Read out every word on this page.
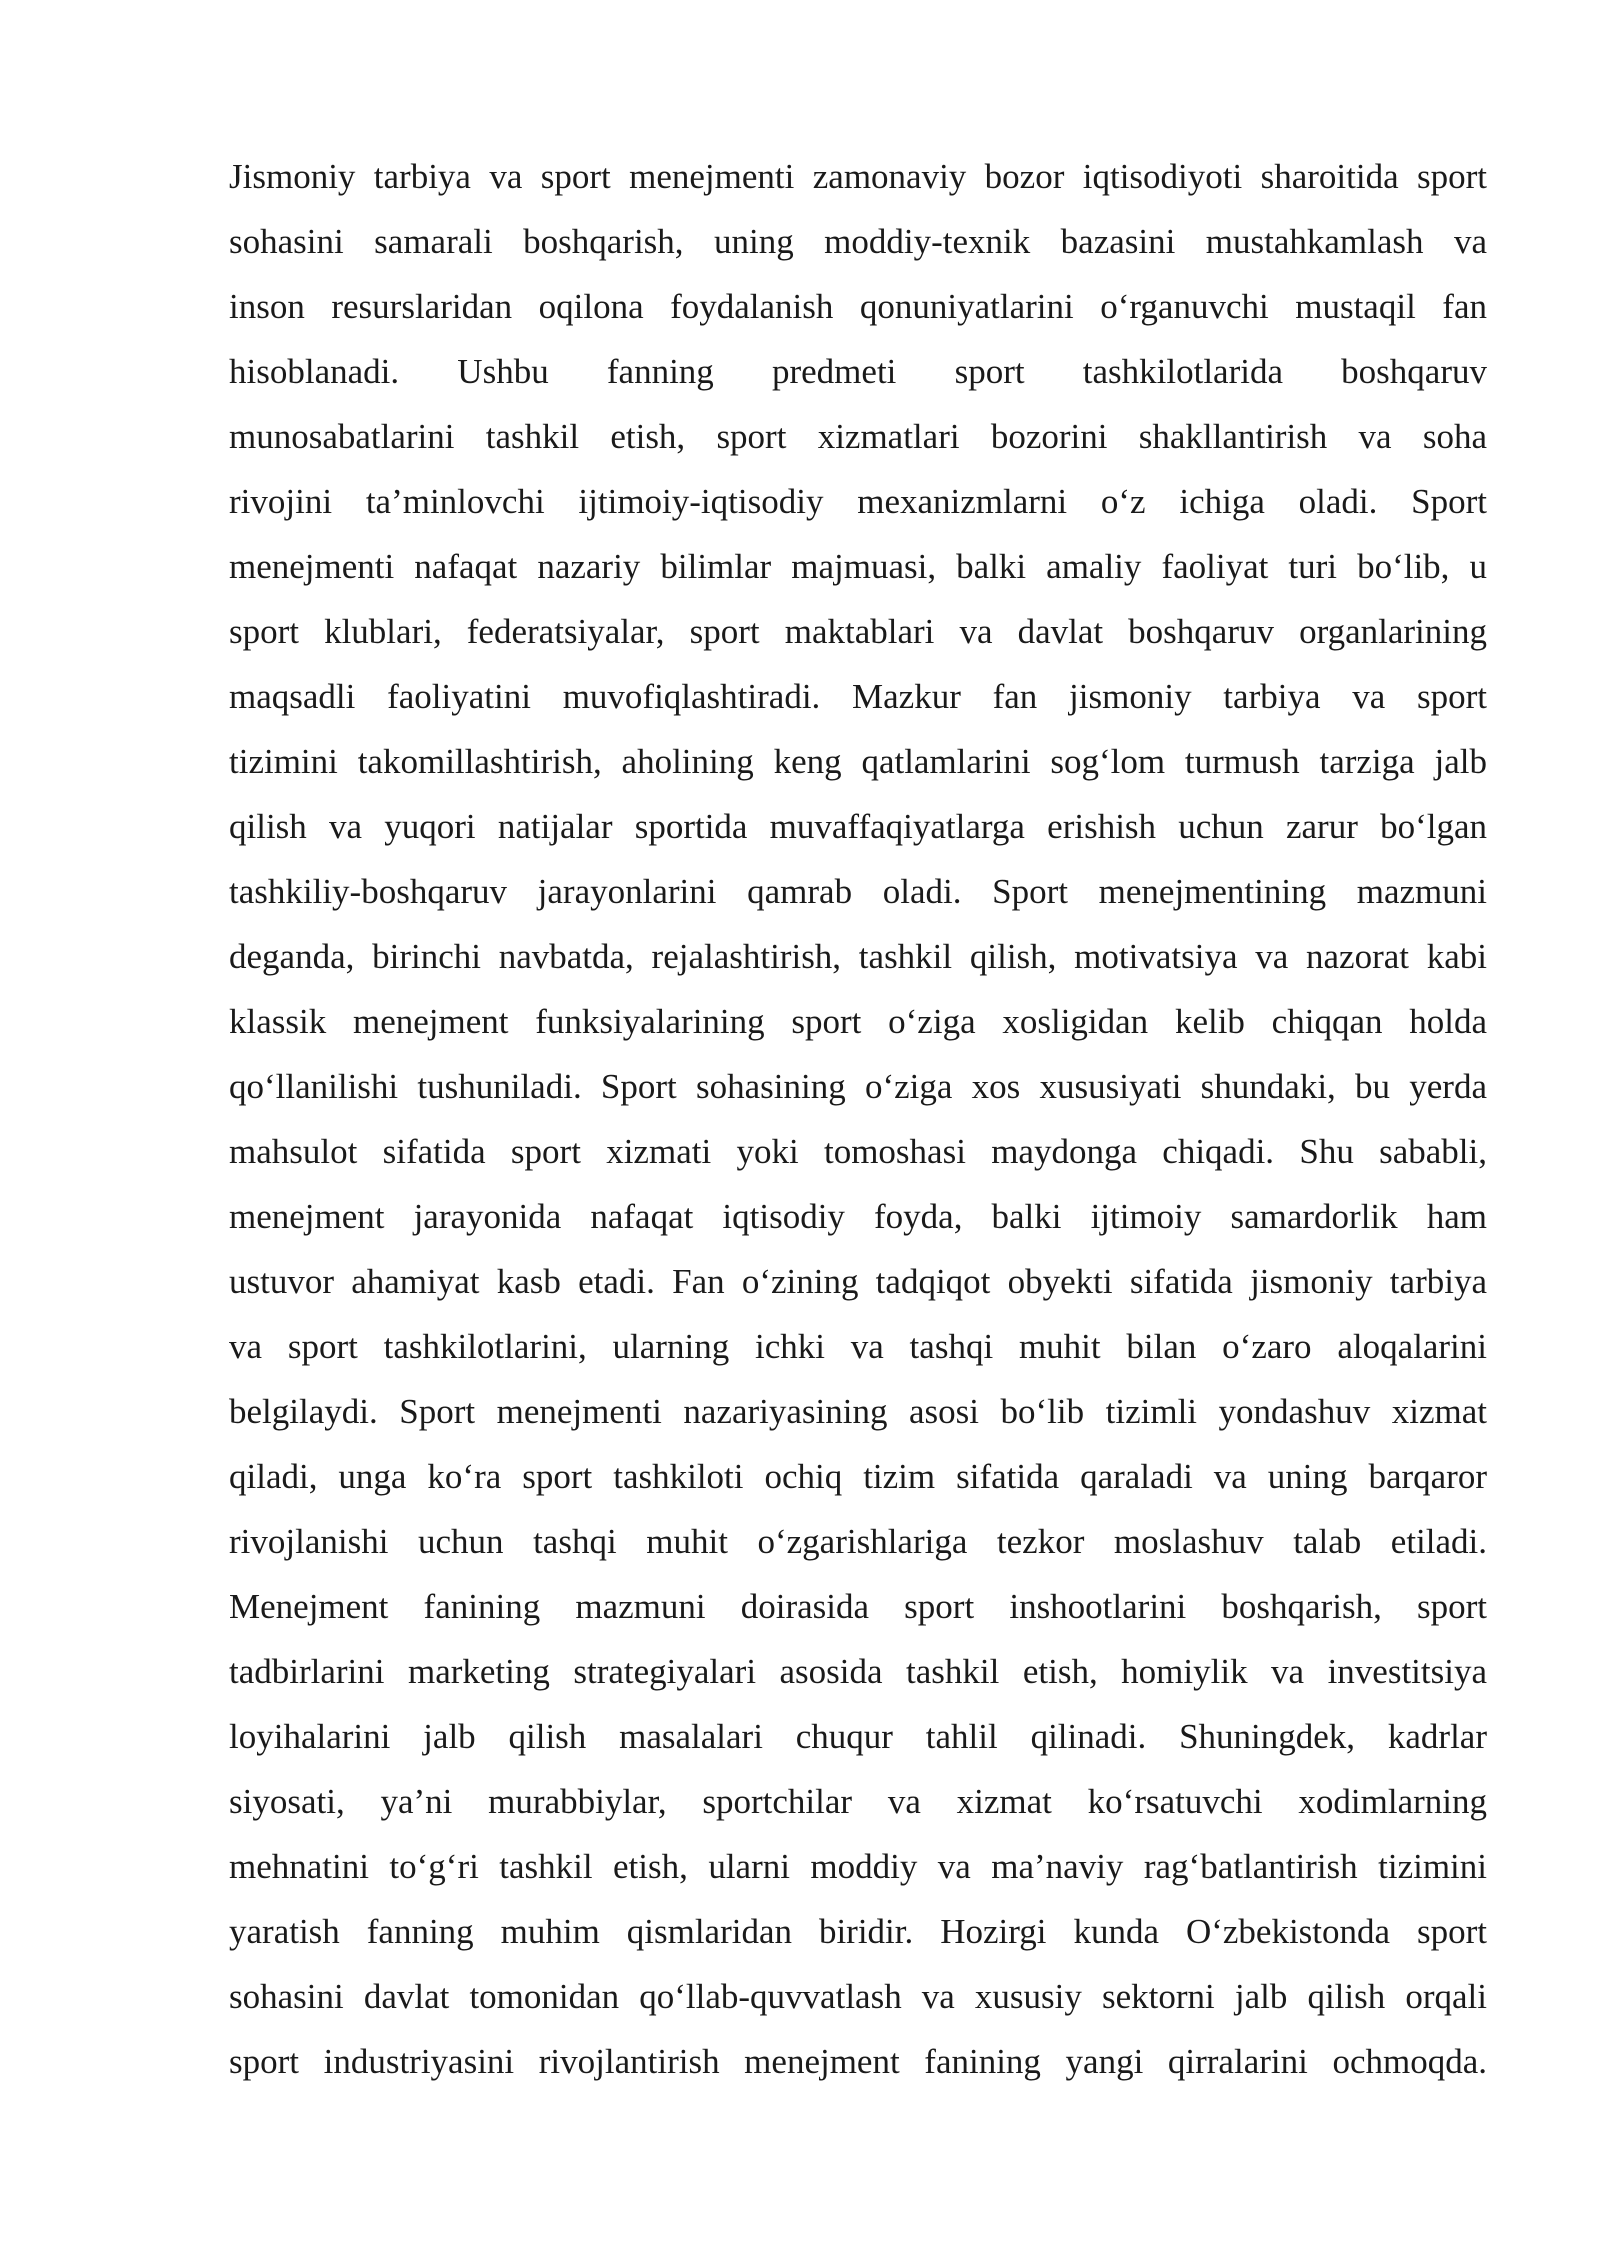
Jismoniy tarbiya va sport menejmenti zamonaviy bozor iqtisodiyoti sharoitida sport
sohasini samarali boshqarish, uning moddiy-texnik bazasini mustahkamlash va
inson resurslaridan oqilona foydalanish qonuniyatlarini o‘rganuvchi mustaqil fan
hisoblanadi. Ushbu fanning predmeti sport tashkilotlarida boshqaruv
munosabatlarini tashkil etish, sport xizmatlari bozorini shakllantirish va soha
rivojini ta’minlovchi ijtimoiy-iqtisodiy mexanizmlarni o‘z ichiga oladi. Sport
menejmenti nafaqat nazariy bilimlar majmuasi, balki amaliy faoliyat turi bo‘lib, u
sport klublari, federatsiyalar, sport maktablari va davlat boshqaruv organlarining
maqsadli faoliyatini muvofiqlashtiradi. Mazkur fan jismoniy tarbiya va sport
tizimini takomillashtirish, aholining keng qatlamlarini sog‘lom turmush tarziga jalb
qilish va yuqori natijalar sportida muvaffaqiyatlarga erishish uchun zarur bo‘lgan
tashkiliy-boshqaruv jarayonlarini qamrab oladi. Sport menejmentining mazmuni
deganda, birinchi navbatda, rejalashtirish, tashkil qilish, motivatsiya va nazorat kabi
klassik menejment funksiyalarining sport o‘ziga xosligidan kelib chiqqan holda
qo‘llanilishi tushuniladi. Sport sohasining o‘ziga xos xususiyati shundaki, bu yerda
mahsulot sifatida sport xizmati yoki tomoshasi maydonga chiqadi. Shu sababli,
menejment jarayonida nafaqat iqtisodiy foyda, balki ijtimoiy samardorlik ham
ustuvor ahamiyat kasb etadi. Fan o‘zining tadqiqot obyekti sifatida jismoniy tarbiya
va sport tashkilotlarini, ularning ichki va tashqi muhit bilan o‘zaro aloqalarini
belgilaydi. Sport menejmenti nazariyasining asosi bo‘lib tizimli yondashuv xizmat
qiladi, unga ko‘ra sport tashkiloti ochiq tizim sifatida qaraladi va uning barqaror
rivojlanishi uchun tashqi muhit o‘zgarishlariga tezkor moslashuv talab etiladi.
Menejment fanining mazmuni doirasida sport inshootlarini boshqarish, sport
tadbirlarini marketing strategiyalari asosida tashkil etish, homiylik va investitsiya
loyihalarini jalb qilish masalalari chuqur tahlil qilinadi. Shuningdek, kadrlar
siyosati, ya’ni murabbiylar, sportchilar va xizmat ko‘rsatuvchi xodimlarning
mehnatini to‘g‘ri tashkil etish, ularni moddiy va ma’naviy rag‘batlantirish tizimini
yaratish fanning muhim qismlaridan biridir. Hozirgi kunda O‘zbekistonda sport
sohasini davlat tomonidan qo‘llab-quvvatlash va xususiy sektorni jalb qilish orqali
sport industriyasini rivojlantirish menejment fanining yangi qirralarini ochmoqda.
